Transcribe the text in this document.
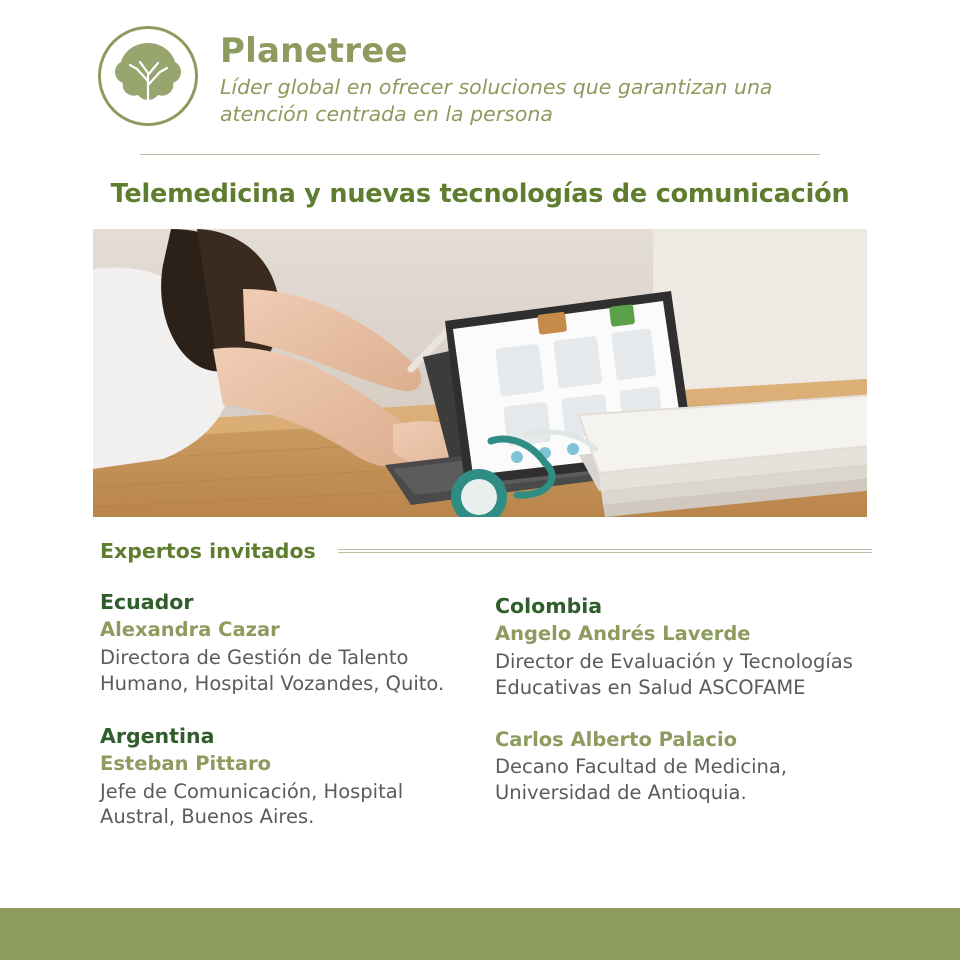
Planetree
Líder global en ofrecer soluciones que garantizan una atención centrada en la persona
Telemedicina y nuevas tecnologías de comunicación
Expertos invitados
Ecuador
Alexandra Cazar
Directora de Gestión de Talento Humano, Hospital Vozandes, Quito.
Argentina
Esteban Pittaro
Jefe de Comunicación, Hospital Austral, Buenos Aires.
Colombia
Angelo Andrés Laverde
Director de Evaluación y Tecnologías Educativas en Salud ASCOFAME
Carlos Alberto Palacio
Decano Facultad de Medicina, Universidad de Antioquia.
